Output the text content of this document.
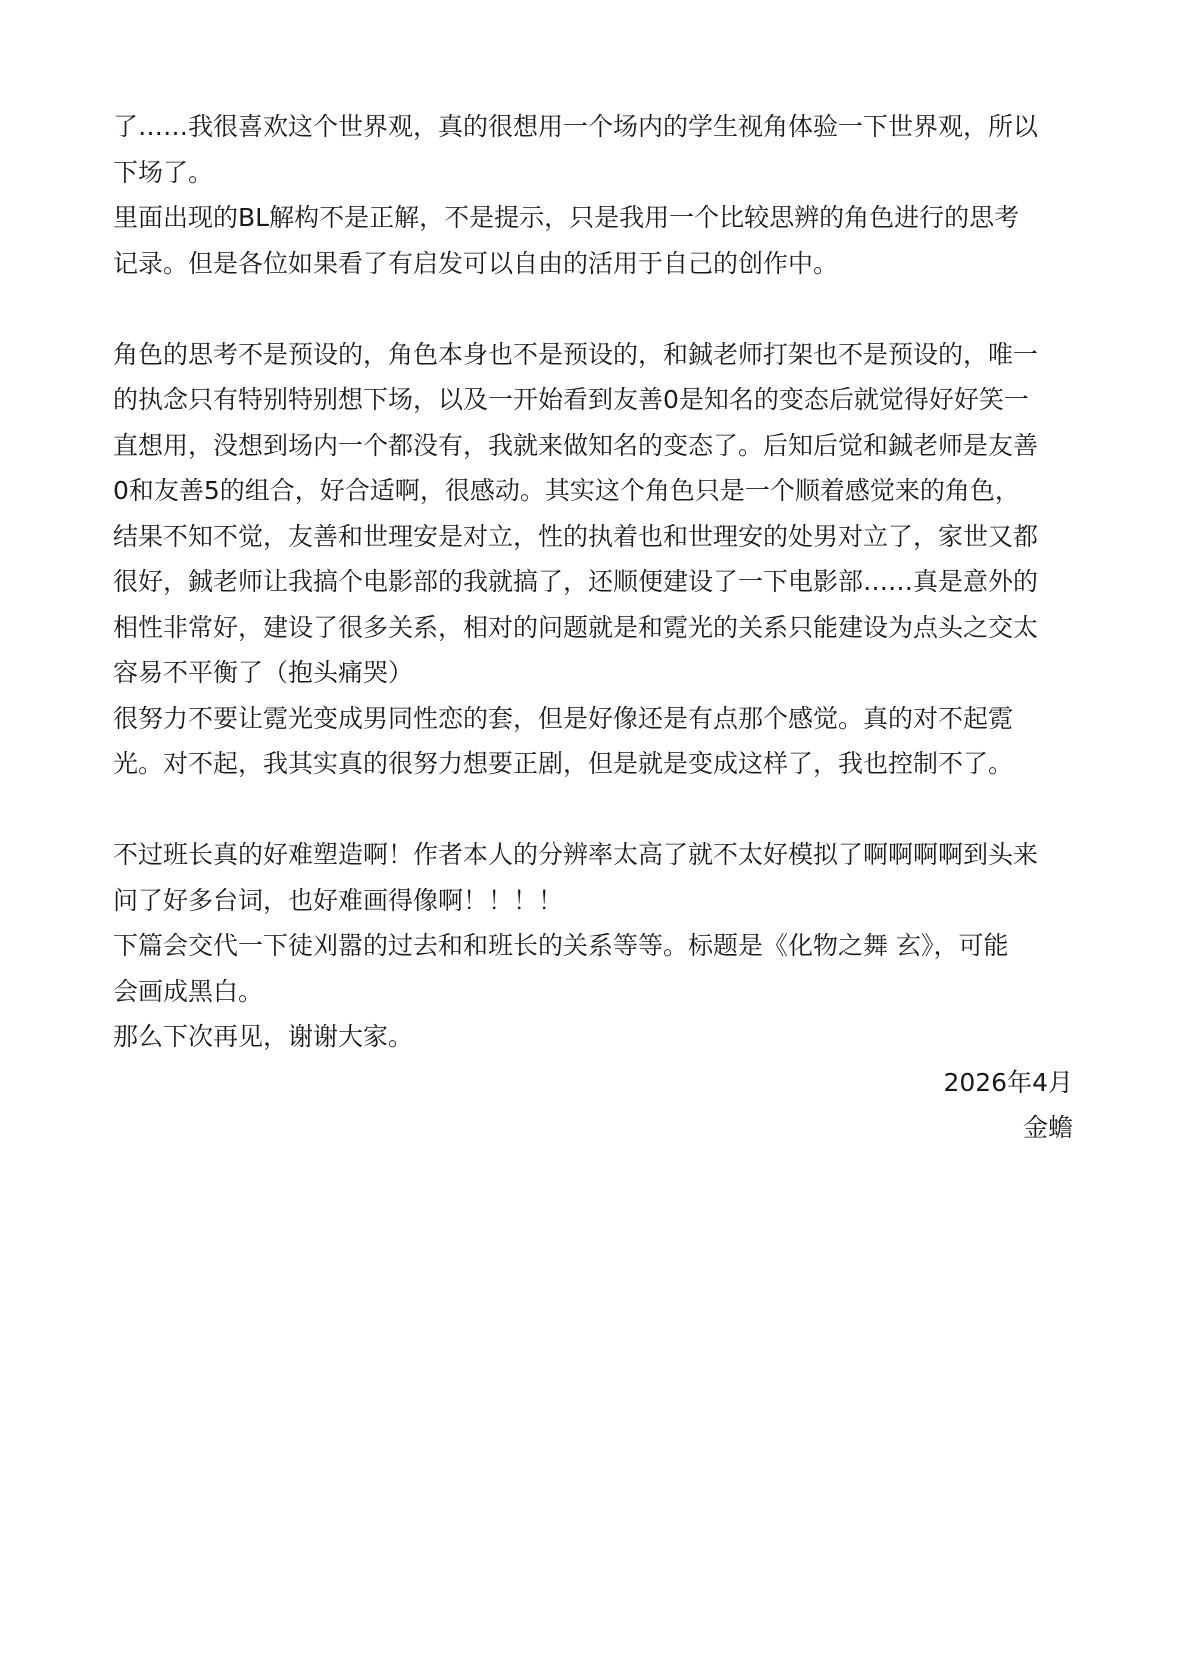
了……我很喜欢这个世界观，真的很想用一个场内的学生视角体验一下世界观，所以
下场了。
里面出现的BL解构不是正解，不是提示，只是我用一个比较思辨的角色进行的思考
记录。但是各位如果看了有启发可以自由的活用于自己的创作中。
角色的思考不是预设的，角色本身也不是预设的，和鋮老师打架也不是预设的，唯一
的执念只有特别特别想下场，以及一开始看到友善0是知名的变态后就觉得好好笑一
直想用，没想到场内一个都没有，我就来做知名的变态了。后知后觉和鋮老师是友善
0和友善5的组合，好合适啊，很感动。其实这个角色只是一个顺着感觉来的角色，
结果不知不觉，友善和世理安是对立，性的执着也和世理安的处男对立了，家世又都
很好，鋮老师让我搞个电影部的我就搞了，还顺便建设了一下电影部……真是意外的
相性非常好，建设了很多关系，相对的问题就是和霓光的关系只能建设为点头之交太
容易不平衡了（抱头痛哭）
很努力不要让霓光变成男同性恋的套，但是好像还是有点那个感觉。真的对不起霓
光。对不起，我其实真的很努力想要正剧，但是就是变成这样了，我也控制不了。
不过班长真的好难塑造啊！作者本人的分辨率太高了就不太好模拟了啊啊啊啊到头来
问了好多台词，也好难画得像啊！！！！
下篇会交代一下徒刈嚣的过去和和班长的关系等等。标题是《化物之舞 玄》，可能
会画成黑白。
那么下次再见，谢谢大家。
2026年4月
金蟾
